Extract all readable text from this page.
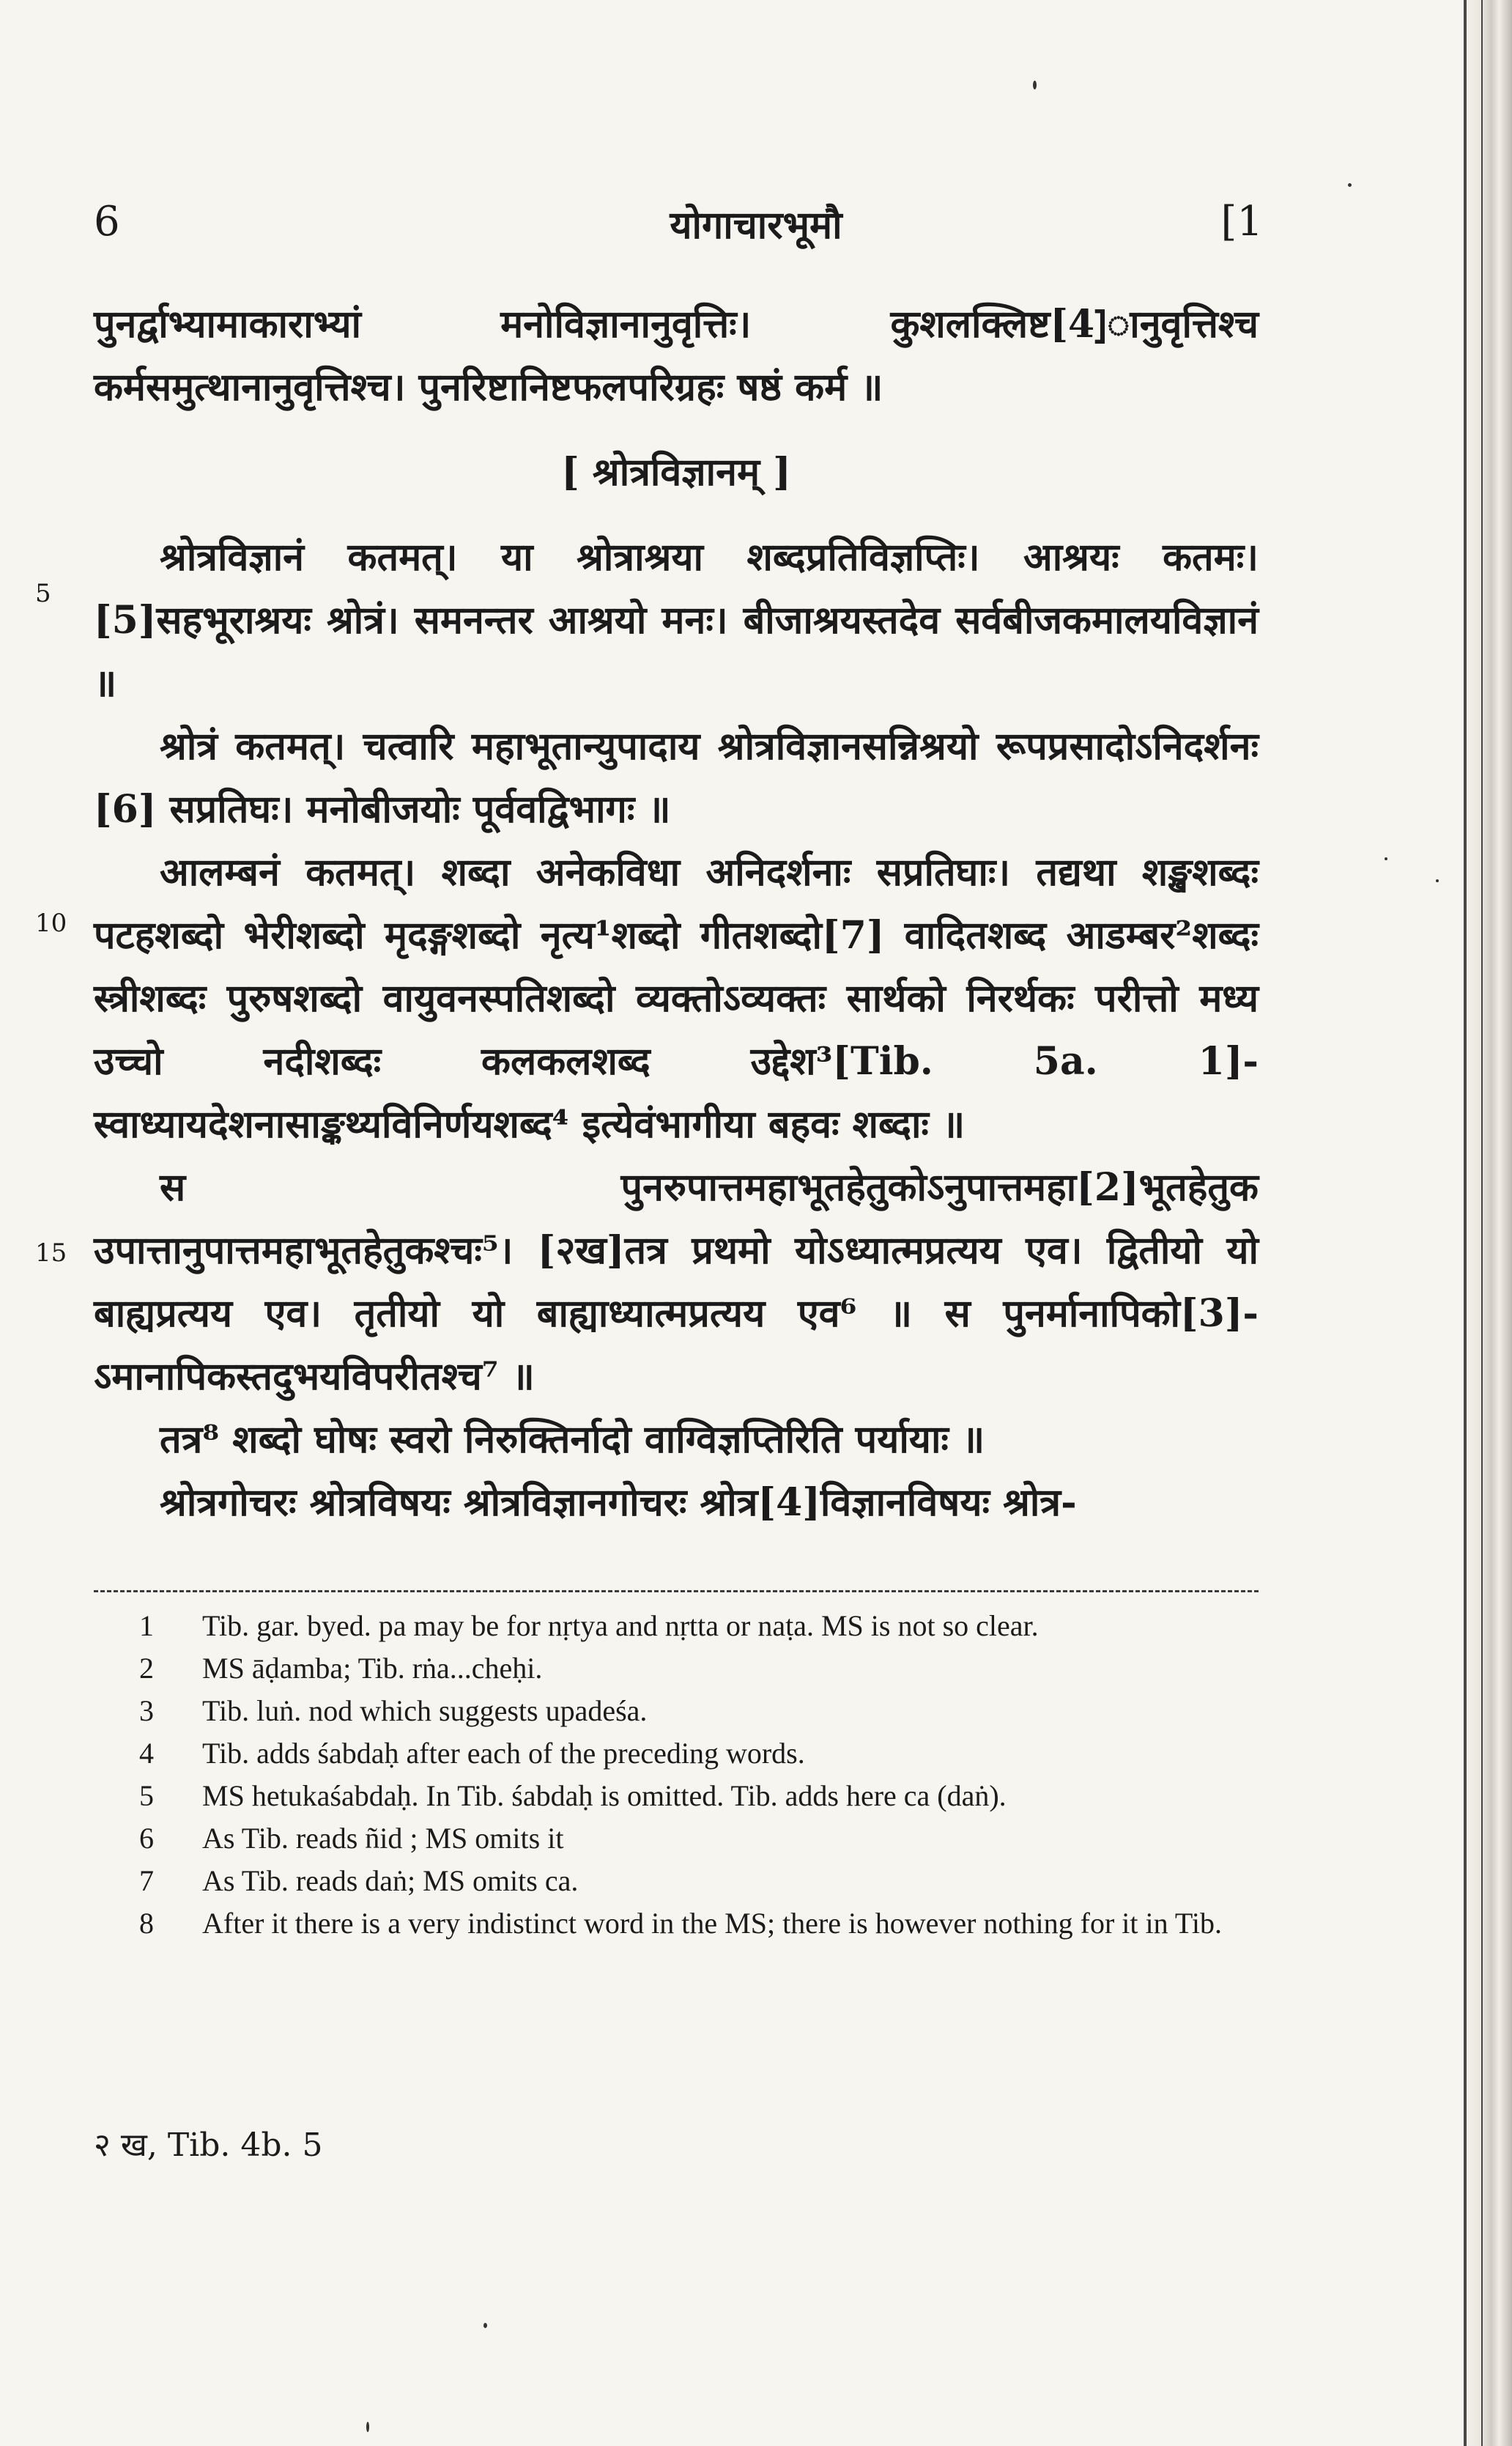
6	योगाचारभूमौ	[1
5
10
15

पुनर्द्वाभ्यामाकाराभ्यां मनोविज्ञानानुवृत्तिः। कुशलक्लिष्ट[4]ानुवृत्तिश्च कर्मसमुत्थानानुवृत्तिश्च। पुनरिष्टानिष्टफलपरिग्रहः षष्ठं कर्म ॥

[ श्रोत्रविज्ञानम् ]

श्रोत्रविज्ञानं कतमत्। या श्रोत्राश्रया शब्दप्रतिविज्ञप्तिः। आश्रयः कतमः। [5]सहभूराश्रयः श्रोत्रं। समनन्तर आश्रयो मनः। बीजाश्रयस्तदेव सर्वबीजकमालयविज्ञानं ॥

श्रोत्रं कतमत्। चत्वारि महाभूतान्युपादाय श्रोत्रविज्ञानसन्निश्रयो रूपप्रसादोऽनिदर्शनः [6] सप्रतिघः। मनोबीजयोः पूर्ववद्विभागः ॥

आलम्बनं कतमत्। शब्दा अनेकविधा अनिदर्शनाः सप्रतिघाः। तद्यथा शङ्खशब्दः पटहशब्दो भेरीशब्दो मृदङ्गशब्दो नृत्य¹शब्दो गीतशब्दो[7] वादितशब्द आडम्बर²शब्दः स्त्रीशब्दः पुरुषशब्दो वायुवनस्पतिशब्दो व्यक्तोऽव्यक्तः सार्थको निरर्थकः परीत्तो मध्य उच्चो नदीशब्दः कलकलशब्द उद्देश³[Tib. 5a. 1]-स्वाध्यायदेशनासाङ्कथ्यविनिर्णयशब्द⁴ इत्येवंभागीया बहवः शब्दाः ॥

स पुनरुपात्तमहाभूतहेतुकोऽनुपात्तमहा[2]भूतहेतुक उपात्तानुपात्तमहाभूतहेतुकश्चः⁵। [२ख]तत्र प्रथमो योऽध्यात्मप्रत्यय एव। द्वितीयो यो बाह्यप्रत्यय एव। तृतीयो यो बाह्याध्यात्मप्रत्यय एव⁶ ॥ स पुनर्मानापिको[3]-ऽमानापिकस्तदुभयविपरीतश्च⁷ ॥

तत्र⁸ शब्दो घोषः स्वरो निरुक्तिर्नादो वाग्विज्ञप्तिरिति पर्यायाः ॥

श्रोत्रगोचरः श्रोत्रविषयः श्रोत्रविज्ञानगोचरः श्रोत्र[4]विज्ञानविषयः श्रोत्र-

1	Tib. gar. byed. pa may be for nṛtya and nṛtta or naṭa. MS is not so clear.
2	MS āḍamba; Tib. rṅa...cheḥi.
3	Tib. luṅ. nod which suggests upadeśa.
4	Tib. adds śabdaḥ after each of the preceding words.
5	MS hetukaśabdaḥ. In Tib. śabdaḥ is omitted. Tib. adds here ca (daṅ).
6	As Tib. reads ñid ; MS omits it
7	As Tib. reads daṅ; MS omits ca.
8	After it there is a very indistinct word in the MS; there is however nothing for it in Tib.
२ ख, Tib. 4b. 5
